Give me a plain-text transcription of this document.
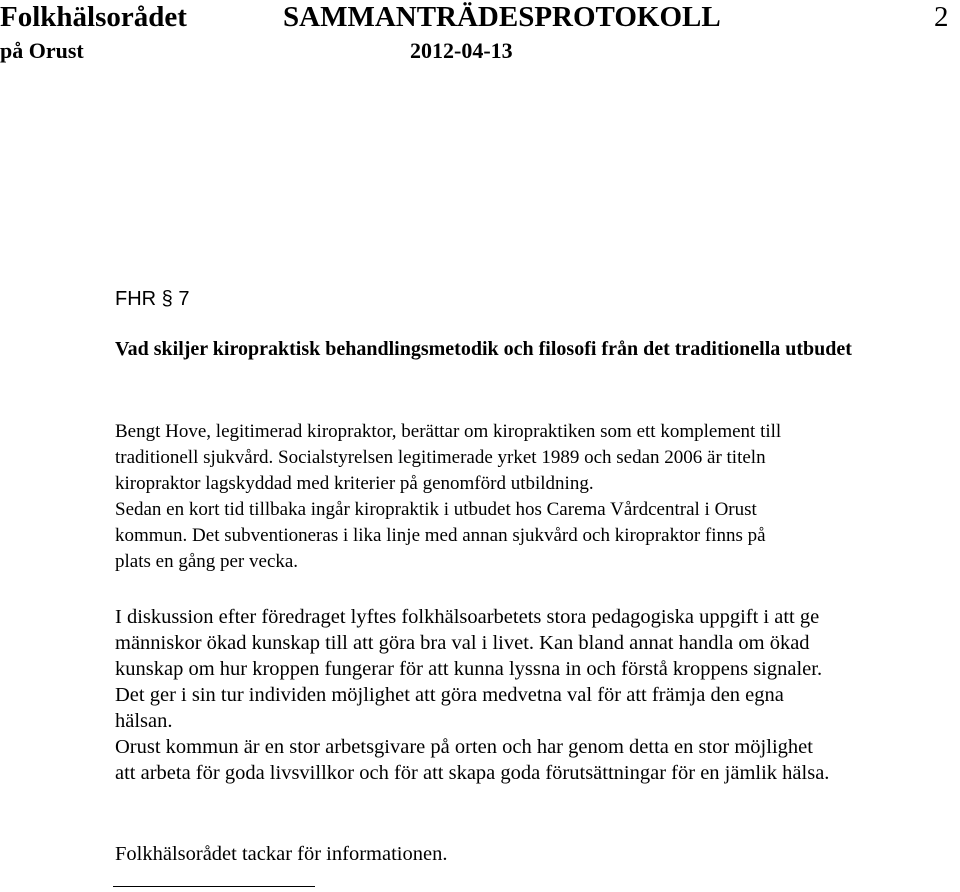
Folkhälsorådet	SAMMANTRÄDESPROTOKOLL	2
på Orust	2012-04-13
FHR § 7
Vad skiljer kiropraktisk behandlingsmetodik och filosofi från det traditionella utbudet

Bengt Hove, legitimerad kiropraktor, berättar om kiropraktiken som ett komplement till
traditionell sjukvård. Socialstyrelsen legitimerade yrket 1989 och sedan 2006 är titeln
kiropraktor lagskyddad med kriterier på genomförd utbildning.
Sedan en kort tid tillbaka ingår kiropraktik i utbudet hos Carema Vårdcentral i Orust
kommun. Det subventioneras i lika linje med annan sjukvård och kiropraktor finns på
plats en gång per vecka.

I diskussion efter föredraget lyftes folkhälsoarbetets stora pedagogiska uppgift i att ge
människor ökad kunskap till att göra bra val i livet. Kan bland annat handla om ökad
kunskap om hur kroppen fungerar för att kunna lyssna in och förstå kroppens signaler.
Det ger i sin tur individen möjlighet att göra medvetna val för att främja den egna
hälsan.

Orust kommun är en stor arbetsgivare på orten och har genom detta en stor möjlighet
att arbeta för goda livsvillkor och för att skapa goda förutsättningar för en jämlik hälsa.

Folkhälsorådet tackar för informationen.
